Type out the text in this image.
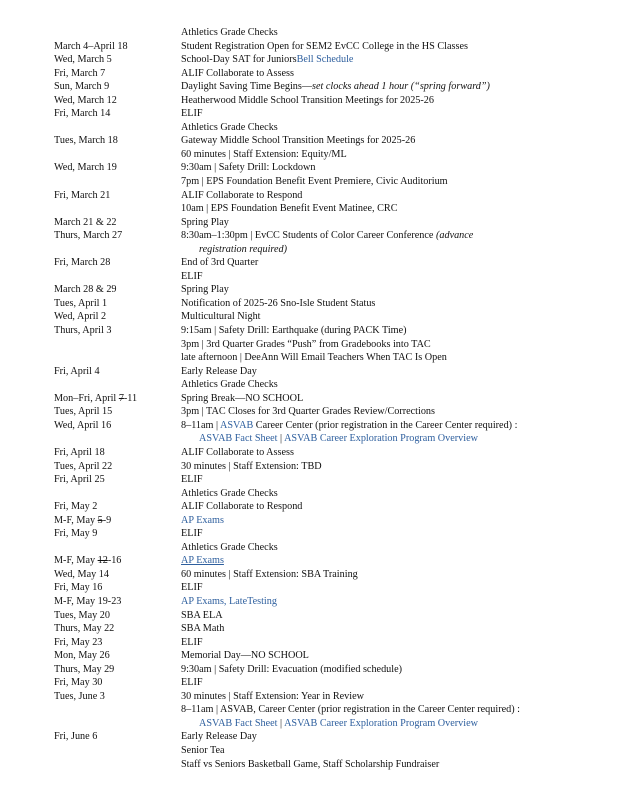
Athletics Grade Checks
March 4–April 18	Student Registration Open for SEM2 EvCC College in the HS Classes
Wed, March 5	School-Day SAT for JuniorsBell Schedule
Fri, March 7	ALIF Collaborate to Assess
Sun, March 9	Daylight Saving Time Begins—set clocks ahead 1 hour (“spring forward”)
Wed, March 12	Heatherwood Middle School Transition Meetings for 2025-26
Fri, March 14	ELIF
Athletics Grade Checks
Tues, March 18	Gateway Middle School Transition Meetings for 2025-26
60 minutes | Staff Extension: Equity/ML
Wed, March 19	9:30am | Safety Drill: Lockdown
7pm | EPS Foundation Benefit Event Premiere, Civic Auditorium
Fri, March 21	ALIF Collaborate to Respond
10am | EPS Foundation Benefit Event Matinee, CRC
March 21 & 22	Spring Play
Thurs, March 27	8:30am–1:30pm | EvCC Students of Color Career Conference (advance
registration required)
Fri, March 28	End of 3rd Quarter
ELIF
March 28 & 29	Spring Play
Tues, April 1	Notification of 2025-26 Sno-Isle Student Status
Wed, April 2	Multicultural Night
Thurs, April 3	9:15am | Safety Drill: Earthquake (during PACK Time)
3pm | 3rd Quarter Grades “Push” from Gradebooks into TAC
late afternoon | DeeAnn Will Email Teachers When TAC Is Open
Fri, April 4	Early Release Day
Athletics Grade Checks
Mon–Fri, April 7-11	Spring Break—NO SCHOOL
Tues, April 15	3pm | TAC Closes for 3rd Quarter Grades Review/Corrections
Wed, April 16	8–11am | ASVAB Career Center (prior registration in the Career Center required) :
ASVAB Fact Sheet | ASVAB Career Exploration Program Overview
Fri, April 18	ALIF Collaborate to Assess
Tues, April 22	30 minutes | Staff Extension: TBD
Fri, April 25	ELIF
Athletics Grade Checks
Fri, May 2	ALIF Collaborate to Respond
M-F, May 5-9	AP Exams
Fri, May 9	ELIF
Athletics Grade Checks
M-F, May 12-16	AP Exams
Wed, May 14	60 minutes | Staff Extension: SBA Training
Fri, May 16	ELIF
M-F, May 19-23	AP Exams, LateTesting
Tues, May 20	SBA ELA
Thurs, May 22	SBA Math
Fri, May 23	ELIF
Mon, May 26	Memorial Day—NO SCHOOL
Thurs, May 29	9:30am | Safety Drill: Evacuation (modified schedule)
Fri, May 30	ELIF
Tues, June 3	30 minutes | Staff Extension: Year in Review
8–11am | ASVAB, Career Center (prior registration in the Career Center required) :
ASVAB Fact Sheet | ASVAB Career Exploration Program Overview
Fri, June 6	Early Release Day
Senior Tea
Staff vs Seniors Basketball Game, Staff Scholarship Fundraiser
